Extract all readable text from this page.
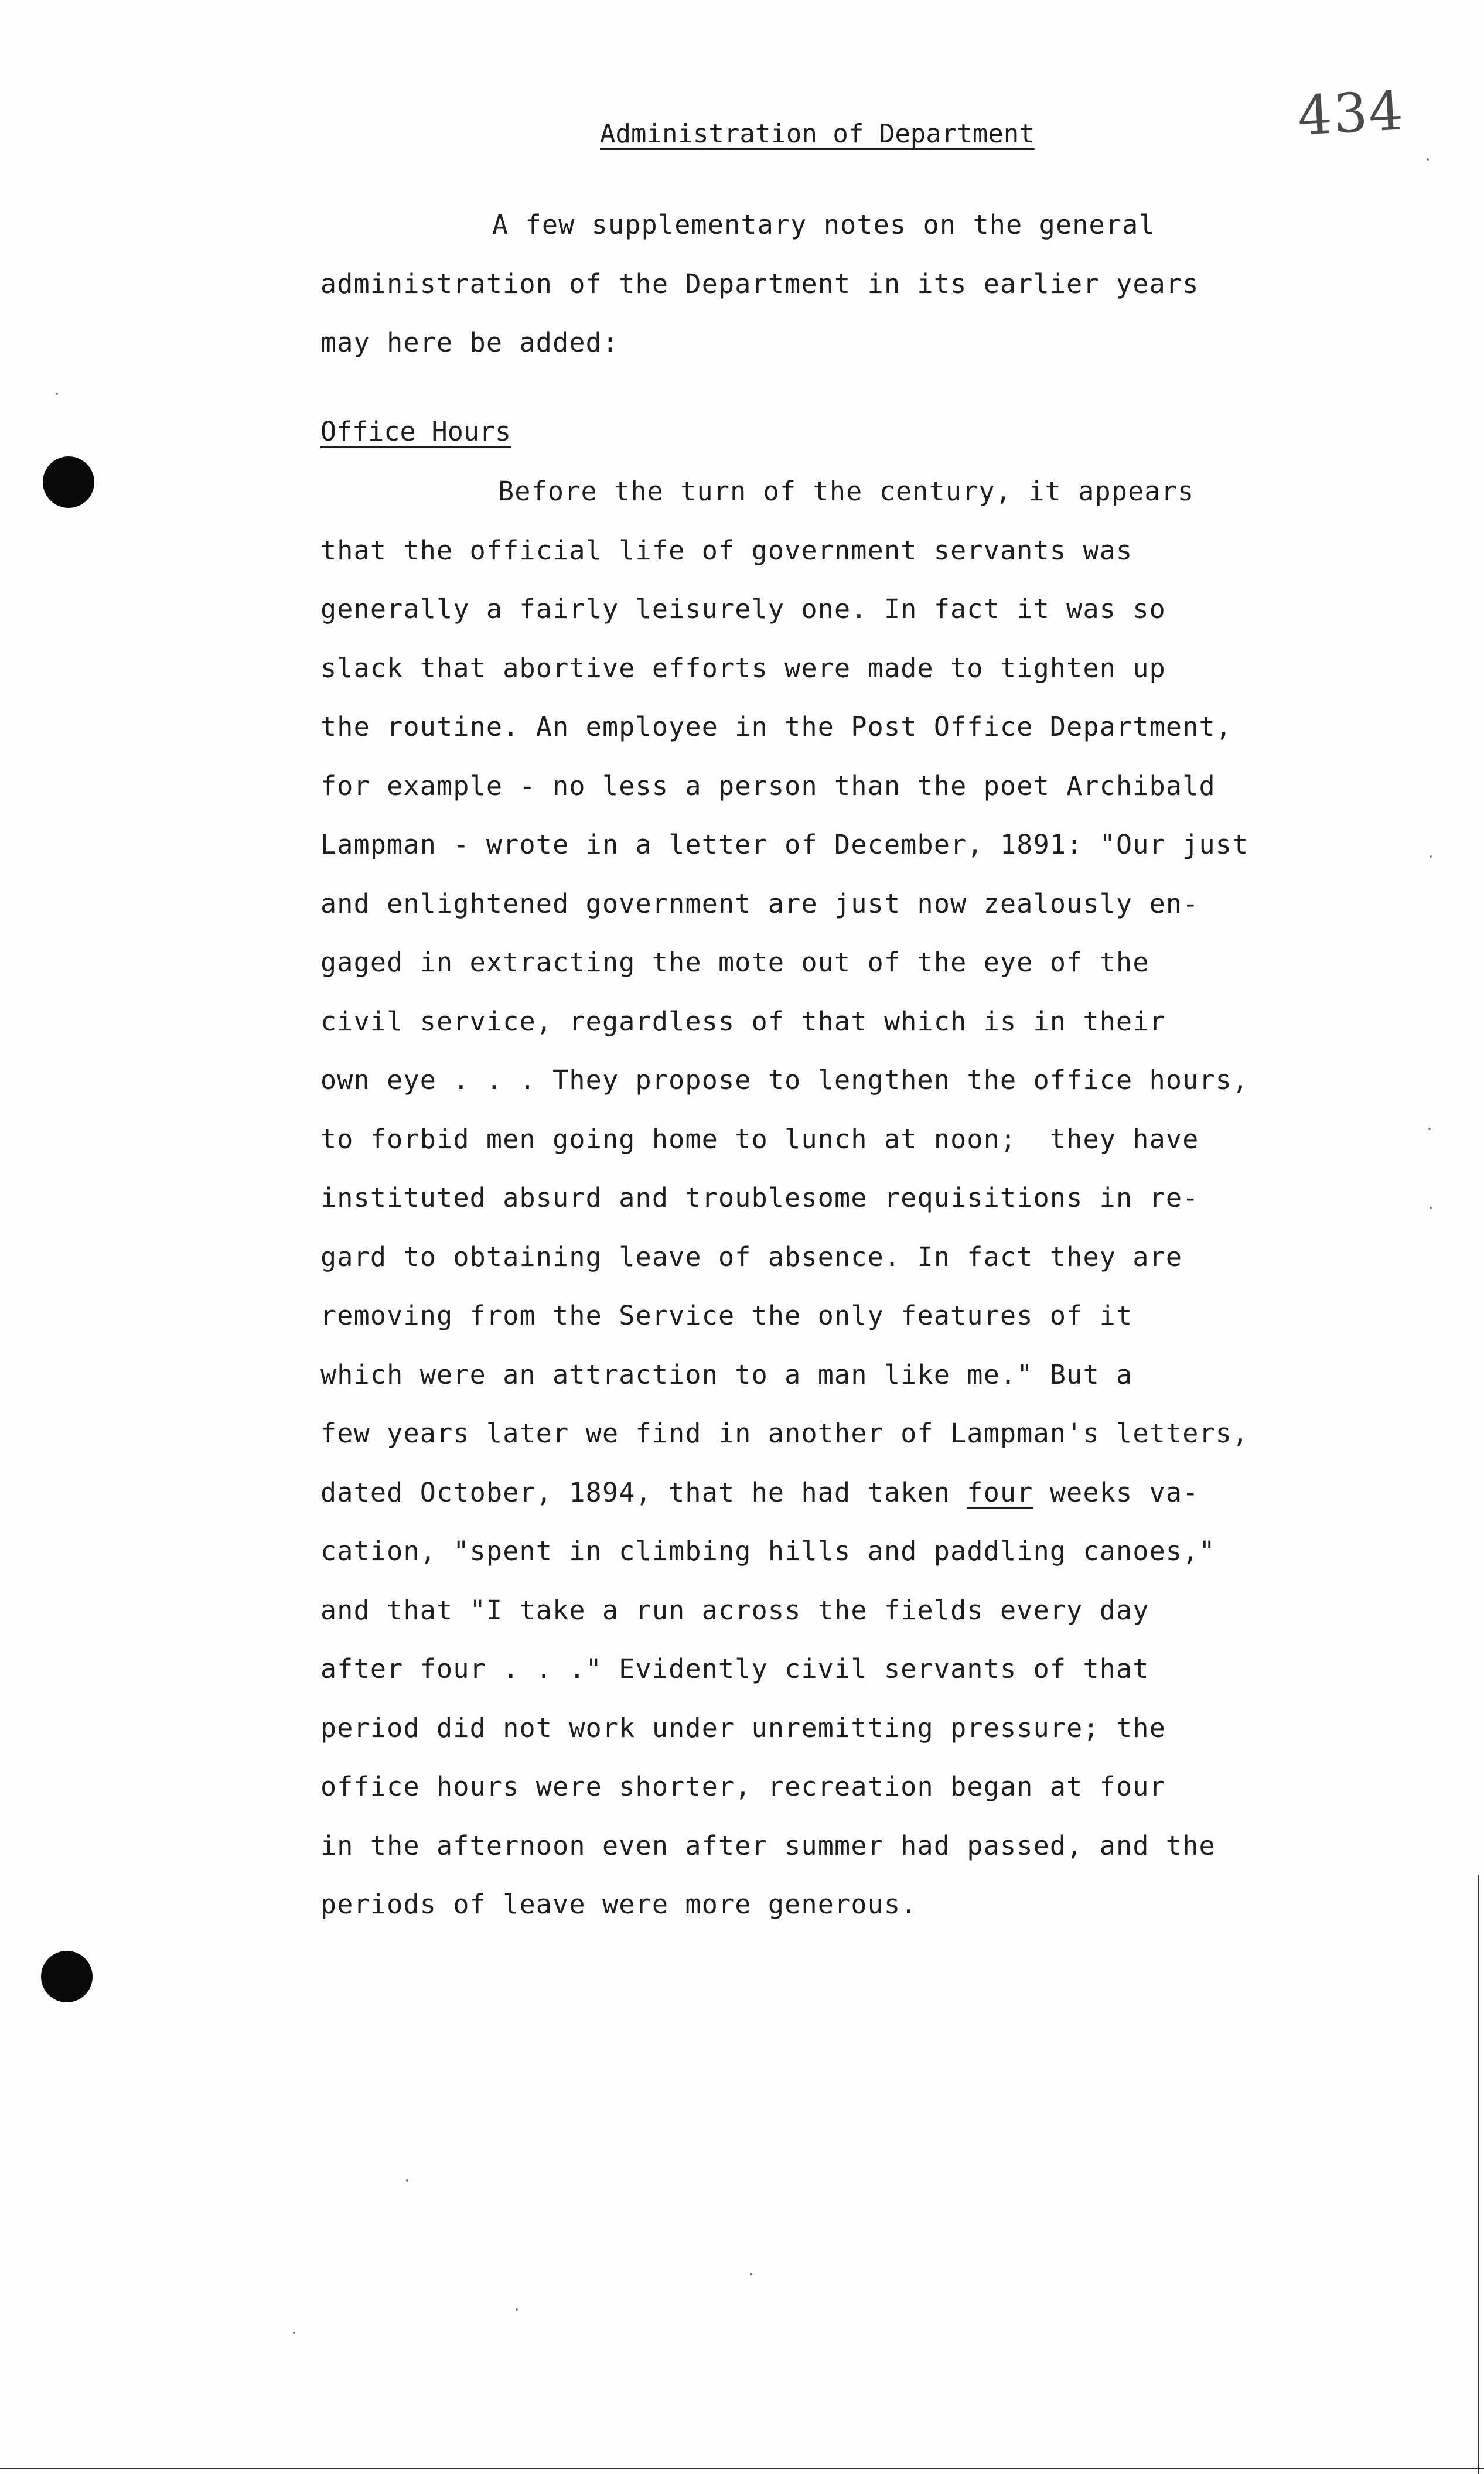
434
Administration of Department
A few supplementary notes on the general
administration of the Department in its earlier years
may here be added:
Office Hours
Before the turn of the century, it appears
that the official life of government servants was
generally a fairly leisurely one. In fact it was so
slack that abortive efforts were made to tighten up
the routine. An employee in the Post Office Department,
for example - no less a person than the poet Archibald
Lampman - wrote in a letter of December, 1891: "Our just
and enlightened government are just now zealously en-
gaged in extracting the mote out of the eye of the
civil service, regardless of that which is in their
own eye . . . They propose to lengthen the office hours,
to forbid men going home to lunch at noon;  they have
instituted absurd and troublesome requisitions in re-
gard to obtaining leave of absence. In fact they are
removing from the Service the only features of it
which were an attraction to a man like me." But a
few years later we find in another of Lampman's letters,
dated October, 1894, that he had taken four weeks va-
cation, "spent in climbing hills and paddling canoes,"
and that "I take a run across the fields every day
after four . . ." Evidently civil servants of that
period did not work under unremitting pressure; the
office hours were shorter, recreation began at four
in the afternoon even after summer had passed, and the
periods of leave were more generous.
